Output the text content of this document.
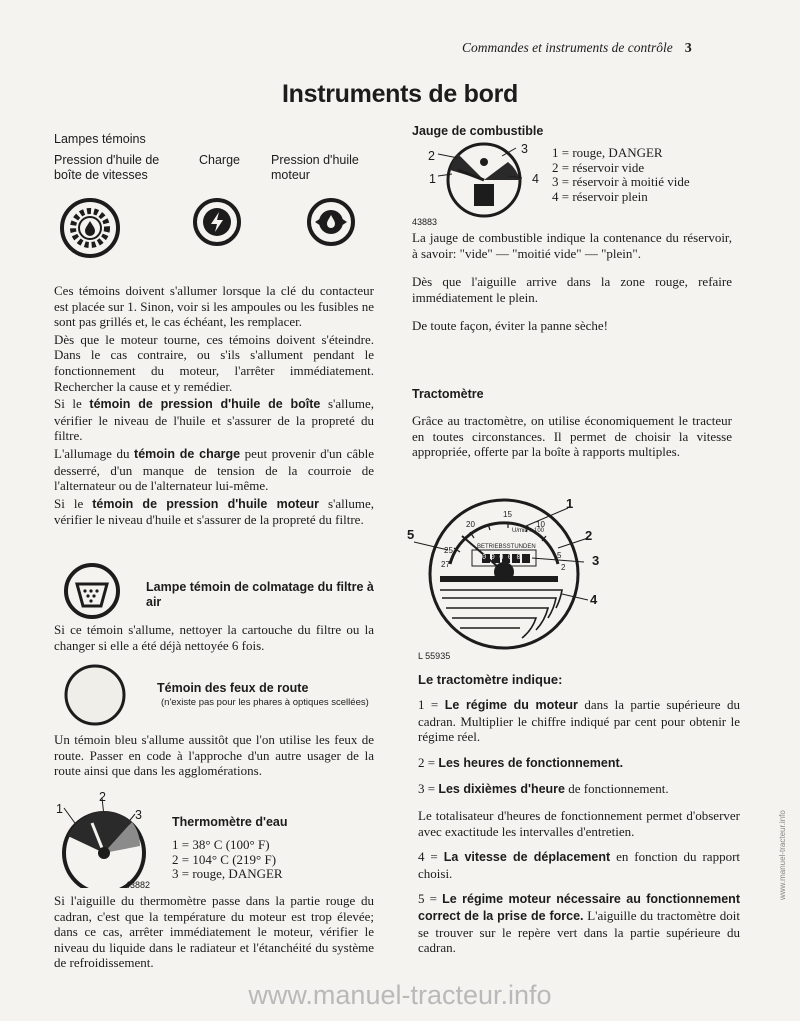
Commandes et instruments de contrôle 3
Instruments de bord
Lampes témoins
Pression d'huile de boîte de vitesses
Charge Pression d'huile moteur

Ces témoins doivent s'allumer lorsque la clé du contacteur est placée sur 1. Sinon, voir si les ampoules ou les fusibles ne sont pas grillés et, le cas échéant, les remplacer.

Dès que le moteur tourne, ces témoins doivent s'éteindre. Dans le cas contraire, ou s'ils s'allument pendant le fonctionnement du moteur, l'arrêter immédiatement. Rechercher la cause et y remédier.

Si le témoin de pression d'huile de boîte s'allume, vérifier le niveau de l'huile et s'assurer de la propreté du filtre.

L'allumage du témoin de charge peut provenir d'un câble desserré, d'un manque de tension de la courroie de l'alternateur ou de l'alternateur lui-même.

Si le témoin de pression d'huile moteur s'allume, vérifier le niveau d'huile et s'assurer de la propreté du filtre.

Lampe témoin de colmatage du filtre à air
Si ce témoin s'allume, nettoyer la cartouche du filtre ou la changer si elle a été déjà nettoyée 6 fois.
Témoin des feux de route
(n'existe pas pour les phares à optiques scellées)
Un témoin bleu s'allume aussitôt que l'on utilise les feux de route. Passer en code à l'approche d'un autre usager de la route ainsi que dans les agglomérations.
1
2
3
43882
Thermomètre d'eau
1 = 38° C (100° F)
2 = 104° C (219° F)
3 = rouge, DANGER
Si l'aiguille du thermomètre passe dans la partie rouge du cadran, c'est que la température du moteur est trop élevée; dans ce cas, arrêter immédiatement le moteur, vérifier le niveau du liquide dans le radiateur et l'étanchéité du système de refroidissement.
Jauge de combustible
2	3
1	4
1 = rouge, DANGER
2 = réservoir vide
3 = réservoir à moitié vide
4 = réservoir plein
43883

La jauge de combustible indique la contenance du réservoir, à savoir: "vide" — "moitié vide" — "plein".

Dès que l'aiguille arrive dans la zone rouge, refaire immédiatement le plein.

De toute façon, éviter la panne sèche!

Tractomètre
Grâce au tractomètre, on utilise économiquement le tracteur en toutes circonstances. Il permet de choisir la vitesse appropriée, offerte par la boîte à rapports multiples.
20
15
10
25
27
5
2
U/min x 100
BETRIEBSSTUNDEN
00000
1
2
3
4
5
L 55935
Le tractomètre indique:

1 = Le régime du moteur dans la partie supérieure du cadran. Multiplier le chiffre indiqué par cent pour obtenir le régime réel.

2 = Les heures de fonctionnement.

3 = Les dixièmes d'heure de fonctionnement.

Le totalisateur d'heures de fonctionnement permet d'observer avec exactitude les intervalles d'entretien.

4 = La vitesse de déplacement en fonction du rapport choisi.

5 = Le régime moteur nécessaire au fonctionnement correct de la prise de force. L'aiguille du tractomètre doit se trouver sur le repère vert dans la partie supérieure du cadran.

www.manuel-tracteur.info
www.manuel-tracteur.info
